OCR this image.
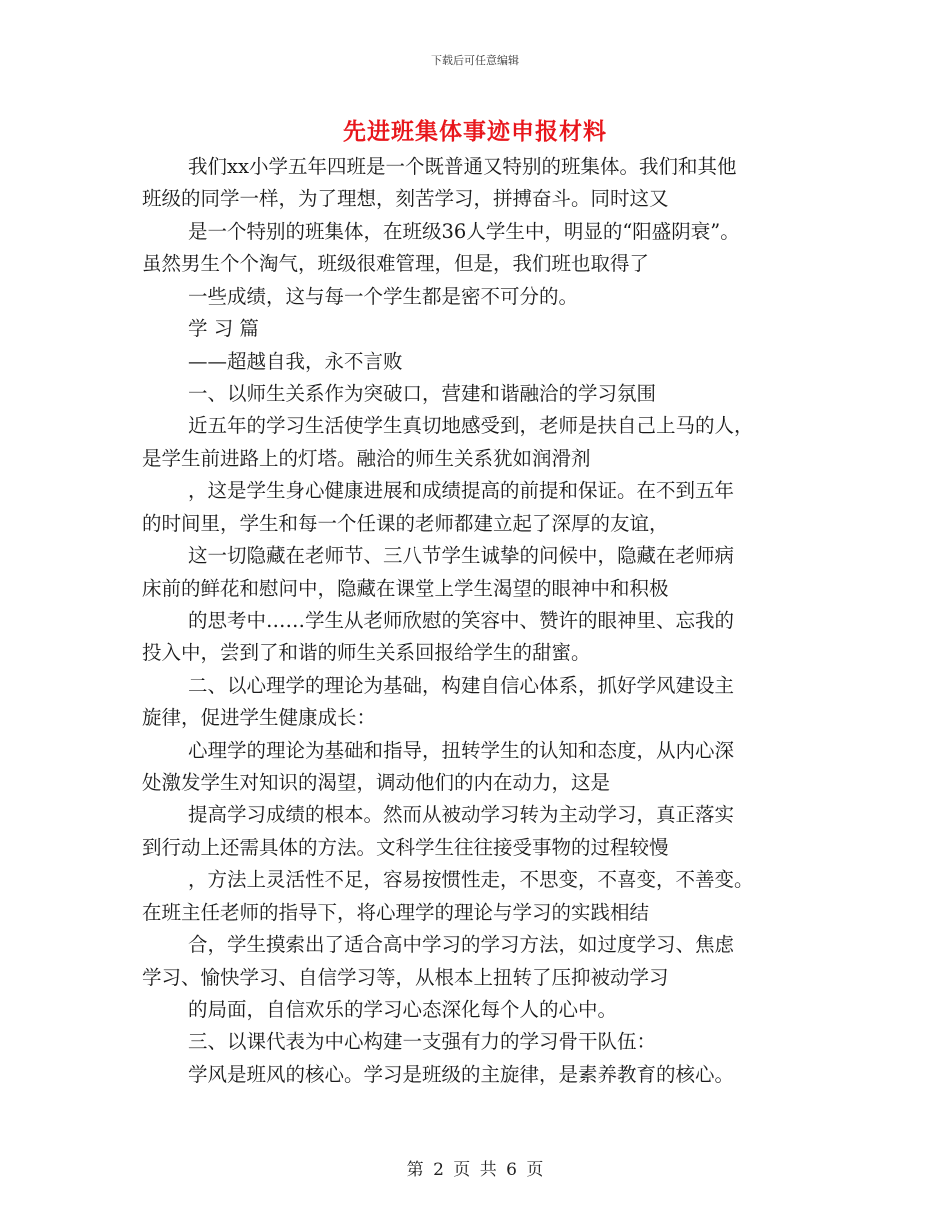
下载后可任意编辑
先进班集体事迹申报材料
我们xx小学五年四班是一个既普通又特别的班集体。我们和其他
班级的同学一样，为了理想，刻苦学习，拼搏奋斗。同时这又
是一个特别的班集体，在班级36人学生中，明显的“阳盛阴衰”。
虽然男生个个淘气，班级很难管理，但是，我们班也取得了
一些成绩，这与每一个学生都是密不可分的。
学 习 篇
——超越自我，永不言败
一、以师生关系作为突破口，营建和谐融洽的学习氛围
近五年的学习生活使学生真切地感受到，老师是扶自己上马的人，
是学生前进路上的灯塔。融洽的师生关系犹如润滑剂
，这是学生身心健康进展和成绩提高的前提和保证。在不到五年
的时间里，学生和每一个任课的老师都建立起了深厚的友谊，
这一切隐藏在老师节、三八节学生诚挚的问候中，隐藏在老师病
床前的鲜花和慰问中，隐藏在课堂上学生渴望的眼神中和积极
的思考中……学生从老师欣慰的笑容中、赞许的眼神里、忘我的
投入中，尝到了和谐的师生关系回报给学生的甜蜜。
二、以心理学的理论为基础，构建自信心体系，抓好学风建设主
旋律，促进学生健康成长：
心理学的理论为基础和指导，扭转学生的认知和态度，从内心深
处激发学生对知识的渴望，调动他们的内在动力，这是
提高学习成绩的根本。然而从被动学习转为主动学习，真正落实
到行动上还需具体的方法。文科学生往往接受事物的过程较慢
，方法上灵活性不足，容易按惯性走，不思变，不喜变，不善变。
在班主任老师的指导下，将心理学的理论与学习的实践相结
合，学生摸索出了适合高中学习的学习方法，如过度学习、焦虑
学习、愉快学习、自信学习等，从根本上扭转了压抑被动学习
的局面，自信欢乐的学习心态深化每个人的心中。
三、以课代表为中心构建一支强有力的学习骨干队伍：
学风是班风的核心。学习是班级的主旋律，是素养教育的核心。
第 2 页 共 6 页
